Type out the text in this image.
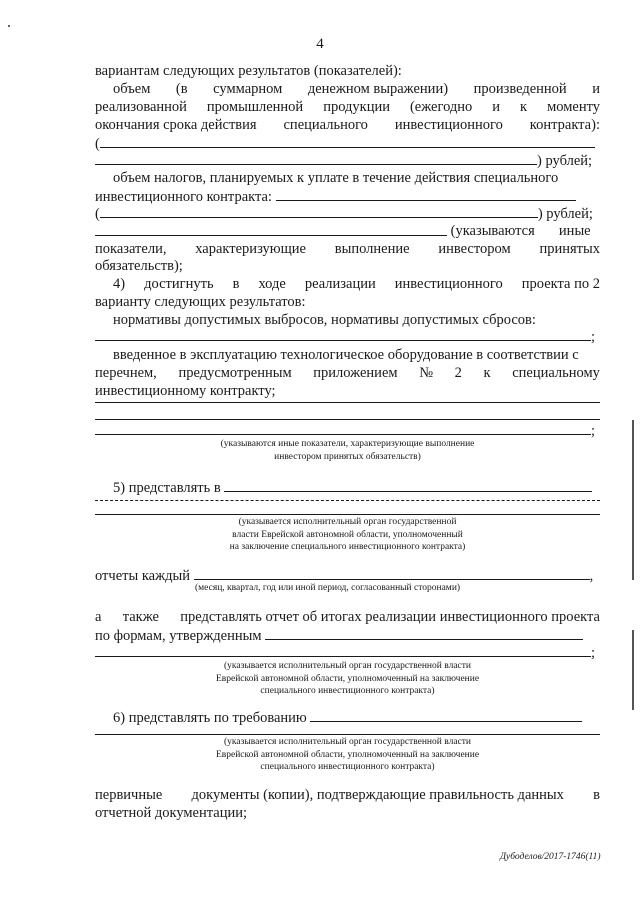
4
вариантам следующих результатов (показателей):
объем (в суммарном денежном выражении) произведенной и
реализованной промышленной продукции (ежегодно и к моменту
окончания срока действия специального инвестиционного контракта):
(
) рублей;
объем налогов, планируемых к уплате в течение действия специального
инвестиционного контракта:
(	) рублей;

(указываются иные
показатели, характеризующие выполнение инвестором принятых
обязательств);
4) достигнуть в ходе реализации инвестиционного проекта по 2
варианту следующих результатов:
нормативы допустимых выбросов, нормативы допустимых сбросов:
;
введенное в эксплуатацию технологическое оборудование в соответствии с
перечнем, предусмотренным приложением № 2 к специальному
инвестиционному контракту;
;
(указываются иные показатели, характеризующие выполнение
инвестором принятых обязательств)
5) представлять в
(указывается исполнительный орган государственной
власти Еврейской автономной области, уполномоченный
на заключение специального инвестиционного контракта)
отчеты каждый	,
(месяц, квартал, год или иной период, согласованный сторонами)
а также представлять отчет об итогах реализации инвестиционного проекта
по формам, утвержденным
;
(указывается исполнительный орган государственной власти
Еврейской автономной области, уполномоченный на заключение
специального инвестиционного контракта)
6) представлять по требованию
(указывается исполнительный орган государственной власти
Еврейской автономной области, уполномоченный на заключение
специального инвестиционного контракта)
первичные документы (копии), подтверждающие правильность данных в
отчетной документации;
Дубоделов/2017-1746(11)
